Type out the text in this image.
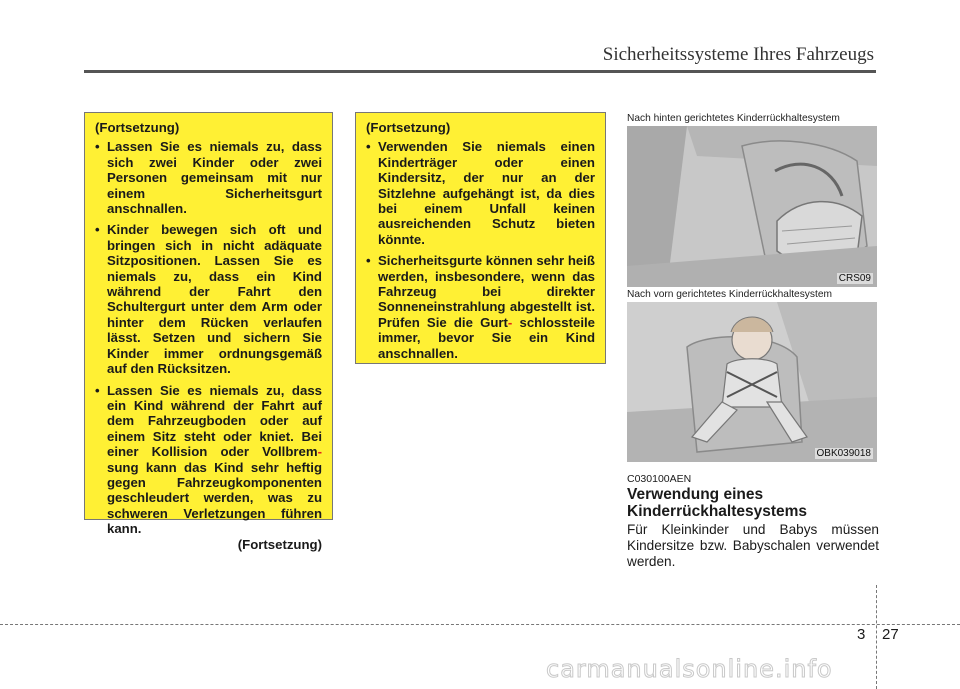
Sicherheitssysteme Ihres Fahrzeugs
(Fortsetzung)
• Lassen Sie es niemals zu, dass sich zwei Kinder oder zwei Personen gemeinsam mit nur einem Sicherheitsgurt anschnallen.
• Kinder bewegen sich oft und bringen sich in nicht adäquate Sitzpositionen. Lassen Sie es niemals zu, dass ein Kind während der Fahrt den Schultergurt unter dem Arm oder hinter dem Rücken verlaufen lässt. Setzen und sichern Sie Kinder immer ordnungsgemäß auf den Rücksitzen.
• Lassen Sie es niemals zu, dass ein Kind während der Fahrt auf dem Fahrzeugboden oder auf einem Sitz steht oder kniet. Bei einer Kollision oder Vollbrem- sung kann das Kind sehr heftig gegen Fahrzeugkomponenten geschleudert werden, was zu schweren Verletzungen führen kann.
(Fortsetzung)
(Fortsetzung)
• Verwenden Sie niemals einen Kinderträger oder einen Kindersitz, der nur an der Sitzlehne aufgehängt ist, da dies bei einem Unfall keinen ausreichenden Schutz bieten könnte.
• Sicherheitsgurte können sehr heiß werden, insbesondere, wenn das Fahrzeug bei direkter Sonneneinstrahlung abgestellt ist. Prüfen Sie die Gurt- schlossteile immer, bevor Sie ein Kind anschnallen.
Nach hinten gerichtetes Kinderrückhaltesystem
CRS09
Nach vorn gerichtetes Kinderrückhaltesystem
OBK039018
C030100AEN
Verwendung eines Kinderrückhaltesystems
Für Kleinkinder und Babys müssen Kindersitze bzw. Babyschalen verwendet werden.
3 27
carmanualsonline.info
